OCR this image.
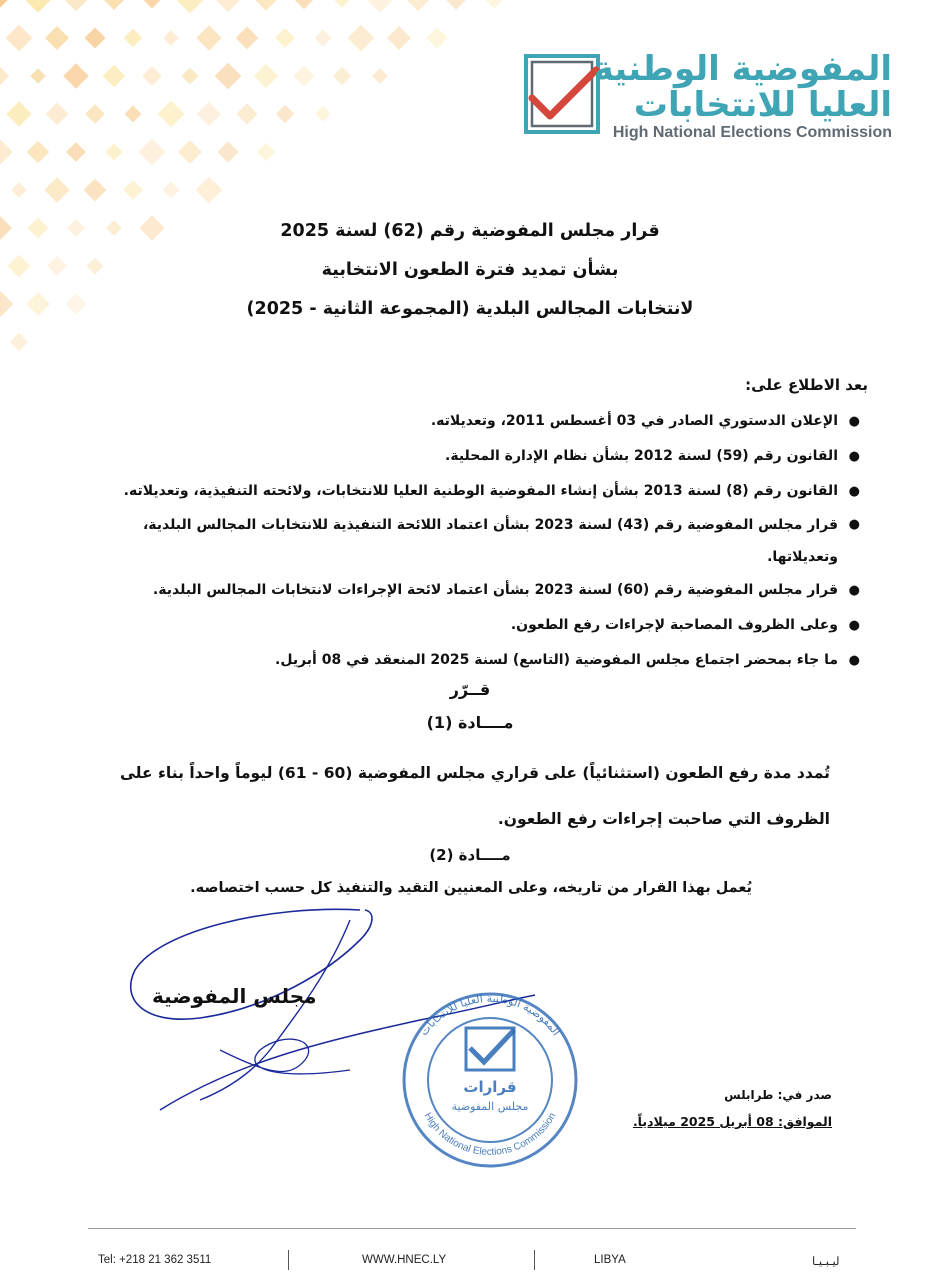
المفوضية الوطنية
العليا للانتخابات
High National Elections Commission
قرار مجلس المفوضية رقم (62) لسنة 2025
بشأن تمديد فترة الطعون الانتخابية
لانتخابات المجالس البلدية (المجموعة الثانية - 2025)
بعد الاطلاع على:
●
الإعلان الدستوري الصادر في 03 أغسطس 2011، وتعديلاته.
●
القانون رقم (59) لسنة 2012 بشأن نظام الإدارة المحلية.
●
القانون رقم (8) لسنة 2013 بشأن إنشاء المفوضية الوطنية العليا للانتخابات، ولائحته التنفيذية، وتعديلاته.
●
قرار مجلس المفوضية رقم (43) لسنة 2023 بشأن اعتماد اللائحة التنفيذية للانتخابات المجالس البلدية، وتعديلاتها.
●
قرار مجلس المفوضية رقم (60) لسنة 2023 بشأن اعتماد لائحة الإجراءات لانتخابات المجالس البلدية.
●
وعلى الظروف المصاحبة لإجراءات رفع الطعون.
●
ما جاء بمحضر اجتماع مجلس المفوضية (التاسع) لسنة 2025 المنعقد في 08 أبريل.
قــرّر
مــــادة (1)
تُمدد مدة رفع الطعون (استثنائياً) على قراري مجلس المفوضية (60 - 61) ليوماً واحداً بناء على الظروف التي صاحبت إجراءات رفع الطعون.
مــــادة (2)
يُعمل بهذا القرار من تاريخه، وعلى المعنيين التقيد والتنفيذ كل حسب اختصاصه.
مجلس المفوضية
المفوضية الوطنية العليا للانتخابات
High National Elections Commission
قرارات
مجلس المفوضية
صدر في: طرابلس
الموافق: 08 أبريل 2025 ميلادياً.
Tel: +218 21 362 3511	WWW.HNEC.LY	LIBYA	ليـبـيـا
